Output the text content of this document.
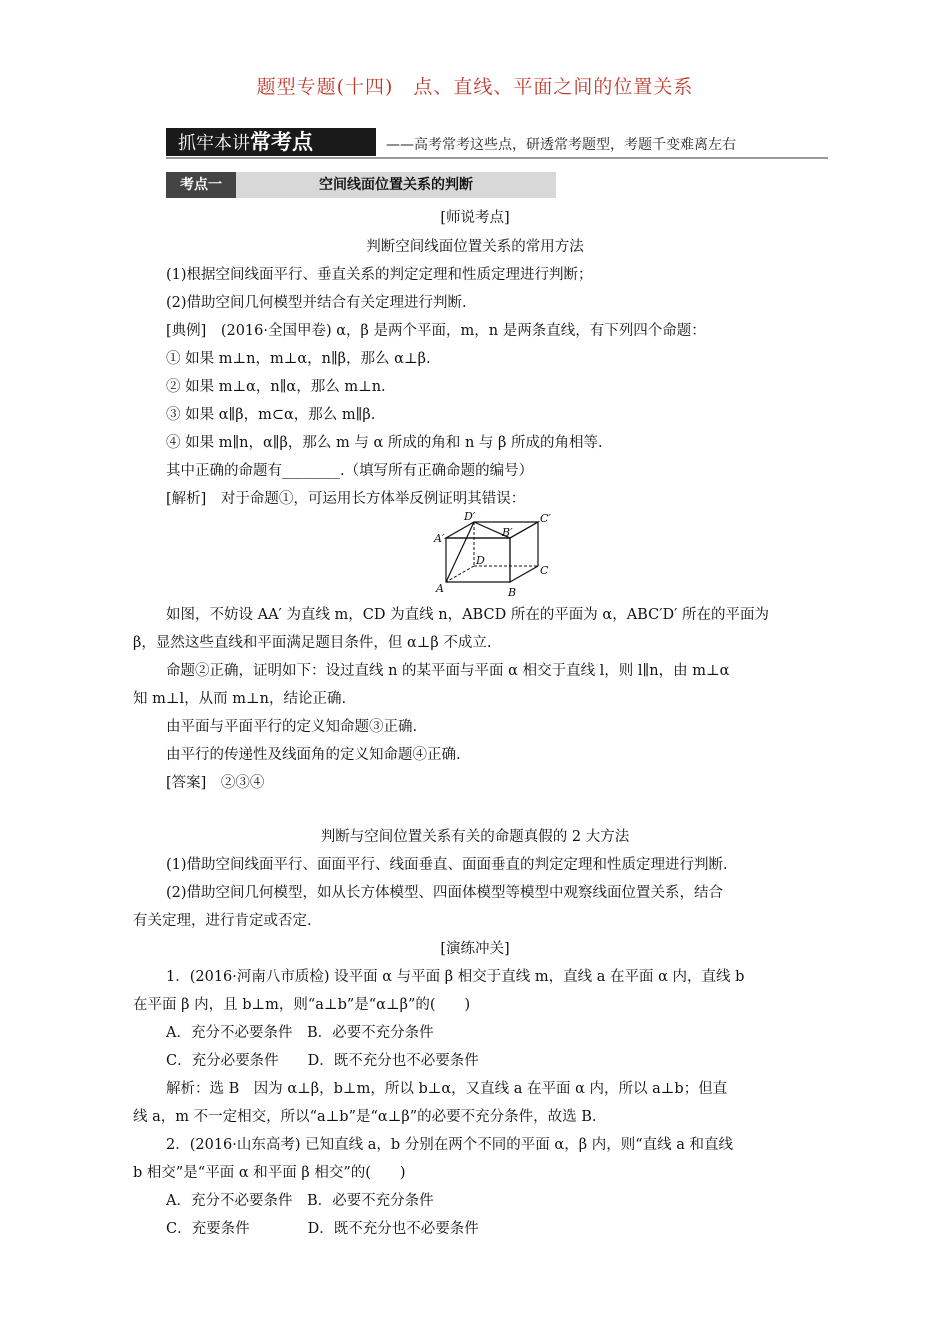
题型专题(十四)　点、直线、平面之间的位置关系
抓牢本讲常考点	——高考常考这些点，研透常考题型，考题千变难离左右
考点一	空间线面位置关系的判断
[师说考点]
判断空间线面位置关系的常用方法
(1)根据空间线面平行、垂直关系的判定定理和性质定理进行判断；
(2)借助空间几何模型并结合有关定理进行判断.
[典例]　(2016·全国甲卷) α，β 是两个平面，m，n 是两条直线，有下列四个命题：
① 如果 m⊥n，m⊥α，n∥β，那么 α⊥β.
② 如果 m⊥α，n∥α，那么 m⊥n.
③ 如果 α∥β，m⊂α，那么 m∥β.
④ 如果 m∥n，α∥β，那么 m 与 α 所成的角和 n 与 β 所成的角相等.
其中正确的命题有________.（填写所有正确命题的编号）
[解析]　对于命题①，可运用长方体举反例证明其错误：
A′
D′
B′
C′
D
C
A	B
如图，不妨设 AA′ 为直线 m，CD 为直线 n，ABCD 所在的平面为 α，ABC′D′ 所在的平面为
β，显然这些直线和平面满足题目条件，但 α⊥β 不成立.
命题②正确，证明如下：设过直线 n 的某平面与平面 α 相交于直线 l，则 l∥n，由 m⊥α
知 m⊥l，从而 m⊥n，结论正确.
由平面与平面平行的定义知命题③正确.
由平行的传递性及线面角的定义知命题④正确.
[答案]　②③④
判断与空间位置关系有关的命题真假的 2 大方法
(1)借助空间线面平行、面面平行、线面垂直、面面垂直的判定定理和性质定理进行判断.
(2)借助空间几何模型，如从长方体模型、四面体模型等模型中观察线面位置关系，结合
有关定理，进行肯定或否定.
[演练冲关]
1．(2016·河南八市质检) 设平面 α 与平面 β 相交于直线 m，直线 a 在平面 α 内，直线 b
在平面 β 内，且 b⊥m，则“a⊥b”是“α⊥β”的(　　)
A．充分不必要条件　B．必要不充分条件
C．充分必要条件　　D．既不充分也不必要条件
解析：选 B　因为 α⊥β，b⊥m，所以 b⊥α，又直线 a 在平面 α 内，所以 a⊥b；但直
线 a，m 不一定相交，所以“a⊥b”是“α⊥β”的必要不充分条件，故选 B.
2．(2016·山东高考) 已知直线 a，b 分别在两个不同的平面 α，β 内，则“直线 a 和直线
b 相交”是“平面 α 和平面 β 相交”的(　　)
A．充分不必要条件　B．必要不充分条件
C．充要条件　　　　D．既不充分也不必要条件
